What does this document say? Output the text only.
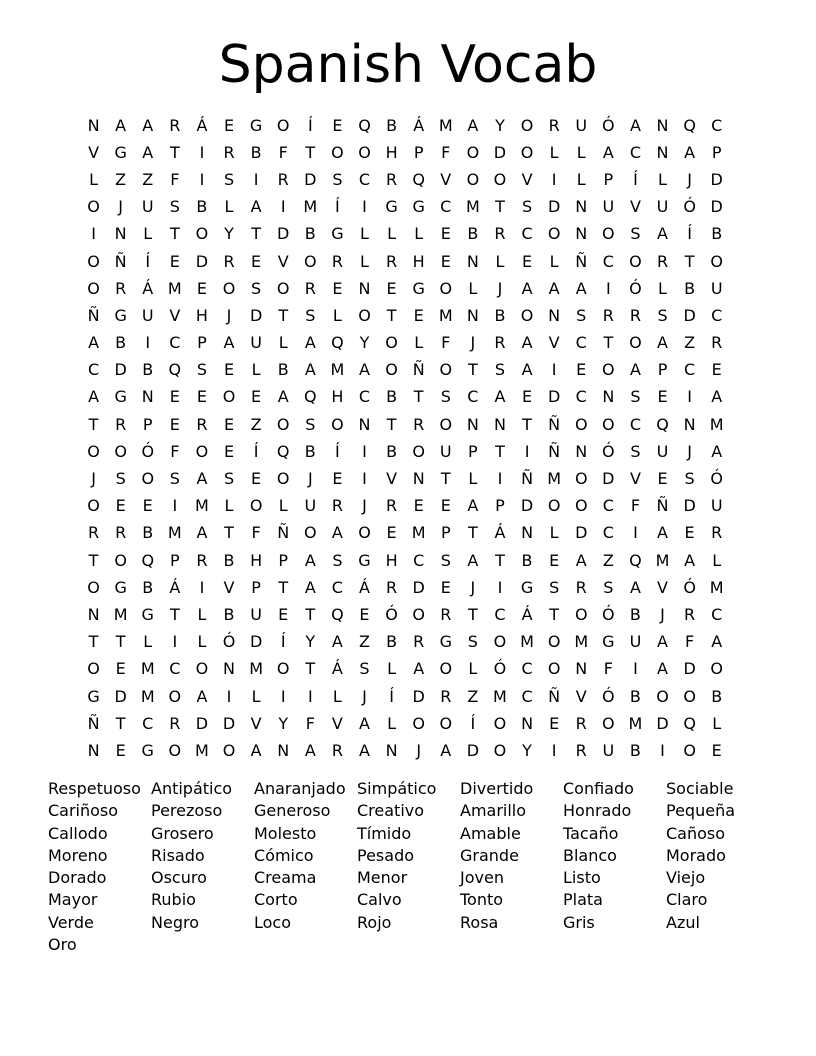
Spanish Vocab
N A	A	R	Á	E G O	Í	E Q B	Á M A	Y O R U Ó A N Q C
V G A	T	I	R	B	F	T O O H	P	F	O D O	L	L	A	C N A	P
L	Z	Z	F	I	S	I	R D S	C R Q V O O V	I	L	P	Í	L	J	D
O	J	U	S	B	L	A	I	M	Í	I	G G C M T	S D N U V U Ó D
I	N	L	T O Y	T	D B G	L	L	L	E	B	R C O N O S	A	Í	B
O Ñ	Í	E D R	E	V O R	L	R H	E	N	L	E	L	Ñ C O R	T O
O R	Á M E O S O R	E	N	E G O	L	J	A	A	A	I	Ó	L	B U
Ñ G U V H	J	D	T	S	L	O T	E M N B O N	S	R R	S D C
A	B	I	C	P	A U	L	A Q Y O	L	F	J	R	A	V	C	T O A	Z	R
C D B Q S	E	L	B	A M A O Ñ O T	S	A	I	E O A	P	C	E
A G N	E	E O E	A Q H C	B	T	S	C	A	E D C N	S	E	I	A
T	R	P	E	R	E	Z O S O N	T	R O N N	T	Ñ O O C Q N M
O O Ó	F	O E	Í	Q B	Í	I	B O U	P	T	I	Ñ N Ó S	U	J	A
J	S O S	A	S	E O	J	E	I	V N	T	L	I	Ñ M O D V	E	S Ó
O E	E	I	M L	O	L	U R	J	R	E	E	A	P	D O O C	F	Ñ D U
R R	B M A	T	F	Ñ O A O E M P	T	Á N	L	D C	I	A	E	R
T O Q P	R	B H	P	A	S G H C	S	A	T	B	E	A	Z Q M A	L
O G B	Á	I	V	P	T	A	C	Á	R D E	J	I	G S	R	S	A	V Ó M
N M G	T	L	B U	E	T Q E Ó O R	T	C	Á	T O Ó B	J	R C
T	T	L	I	L	Ó D	Í	Y	A	Z	B	R G S O M O M G U A	F	A
O E M C O N M O T	Á	S	L	A O	L	Ó C O N	F	I	A D O
G D M O A	I	L	I	I	L	J	Í	D R	Z M C Ñ V Ó B O O B
Ñ	T	C R D D V	Y	F	V	A	L	O O	Í	O N	E	R O M D Q	L
N	E G O M O A N A	R	A N	J	A D O Y	I	R U B	I	O E
Respetuoso Antipático	Anaranjado Simpático	Divertido	Confiado	Sociable
Cariñoso	Perezoso	Generoso	Creativo	Amarillo	Honrado	Pequeña
Callodo	Grosero	Molesto	Tímido	Amable	Tacaño	Cañoso
Moreno	Risado	Cómico	Pesado	Grande	Blanco	Morado
Dorado	Oscuro	Creama	Menor	Joven	Listo	Viejo
Mayor	Rubio	Corto	Calvo	Tonto	Plata	Claro
Verde	Negro	Loco	Rojo	Rosa	Gris	Azul
Oro
